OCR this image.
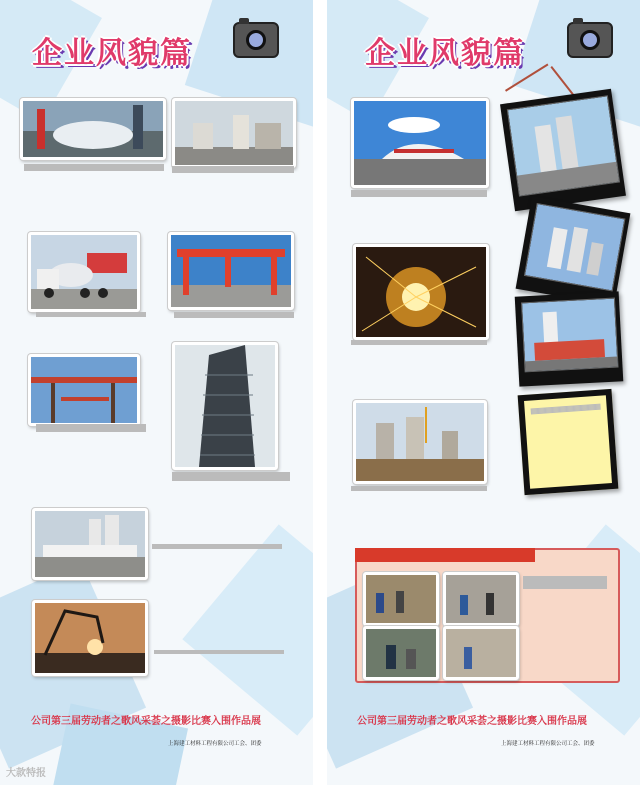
企业风貌篇
公司第三届劳动者之歌风采荟之摄影比赛入围作品展
上海建工材料工程有限公司工会、团委
企业风貌篇
公司第三届劳动者之歌风采荟之摄影比赛入围作品展
上海建工材料工程有限公司工会、团委
大款特报
